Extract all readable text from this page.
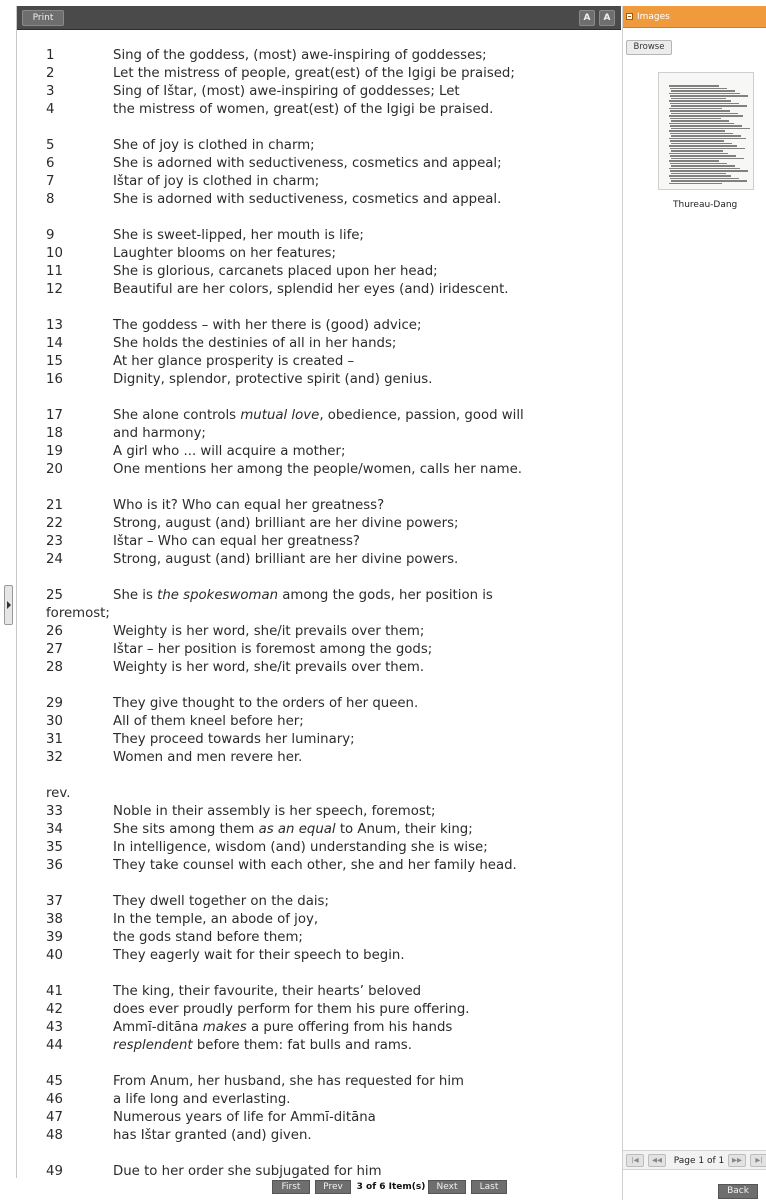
Print	A	A
1	Sing of the goddess, (most) awe-inspiring of goddesses;
2	Let the mistress of people, great(est) of the Igigi be praised;
3	Sing of Ištar, (most) awe-inspiring of goddesses; Let
4	the mistress of women, great(est) of the Igigi be praised.
5	She of joy is clothed in charm;
6	She is adorned with seductiveness, cosmetics and appeal;
7	Ištar of joy is clothed in charm;
8	She is adorned with seductiveness, cosmetics and appeal.
9	She is sweet-lipped, her mouth is life;
10	Laughter blooms on her features;
11	She is glorious, carcanets placed upon her head;
12	Beautiful are her colors, splendid her eyes (and) iridescent.
13	The goddess – with her there is (good) advice;
14	She holds the destinies of all in her hands;
15	At her glance prosperity is created –
16	Dignity, splendor, protective spirit (and) genius.
17	She alone controls mutual love, obedience, passion, good will
18	and harmony;
19	A girl who ... will acquire a mother;
20	One mentions her among the people/women, calls her name.
21	Who is it? Who can equal her greatness?
22	Strong, august (and) brilliant are her divine powers;
23	Ištar – Who can equal her greatness?
24	Strong, august (and) brilliant are her divine powers.
25	She is the spokeswoman among the gods, her position is
foremost;
26	Weighty is her word, she/it prevails over them;
27	Ištar – her position is foremost among the gods;
28	Weighty is her word, she/it prevails over them.
29	They give thought to the orders of her queen.
30	All of them kneel before her;
31	They proceed towards her luminary;
32	Women and men revere her.
rev.
33	Noble in their assembly is her speech, foremost;
34	She sits among them as an equal to Anum, their king;
35	In intelligence, wisdom (and) understanding she is wise;
36	They take counsel with each other, she and her family head.
37	They dwell together on the dais;
38	In the temple, an abode of joy,
39	the gods stand before them;
40	They eagerly wait for their speech to begin.
41	The king, their favourite, their hearts’ beloved
42	does ever proudly perform for them his pure offering.
43	Ammī-ditāna makes a pure offering from his hands
44	resplendent before them: fat bulls and rams.
45	From Anum, her husband, she has requested for him
46	a life long and everlasting.
47	Numerous years of life for Ammī-ditāna
48	has Ištar granted (and) given.
49	Due to her order she subjugated for him
First	Prev	3 of 6 Item(s)	Next	Last
Images
Browse
Thureau-Dang
|◀	◀◀	Page 1 of 1	▶▶	▶|
Back
